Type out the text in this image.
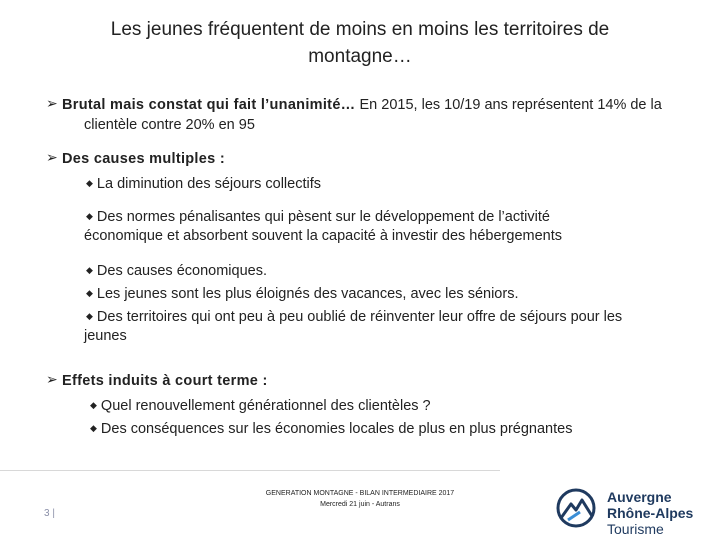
Les jeunes fréquentent de moins en moins les territoires de
montagne…
➢ Brutal mais constat qui fait l’unanimité… En 2015, les 10/19 ans représentent 14% de la
clientèle contre 20% en 95
➢ Des causes multiples :
◆ La diminution des séjours collectifs
◆ Des normes pénalisantes qui pèsent sur le développement de l’activité
économique et absorbent souvent la capacité à investir des hébergements
◆ Des causes économiques.
◆ Les jeunes sont les plus éloignés des vacances, avec les séniors.
◆ Des territoires qui ont peu à peu oublié de réinventer leur offre de séjours pour les
jeunes
➢ Effets induits à court terme :
◆ Quel renouvellement générationnel des clientèles ?
◆ Des conséquences sur les économies locales de plus en plus prégnantes
3 |
GENERATION MONTAGNE - BILAN INTERMEDIAIRE 2017
Mercredi 21 juin - Autrans	Auvergne
Rhône-Alpes
Tourisme
